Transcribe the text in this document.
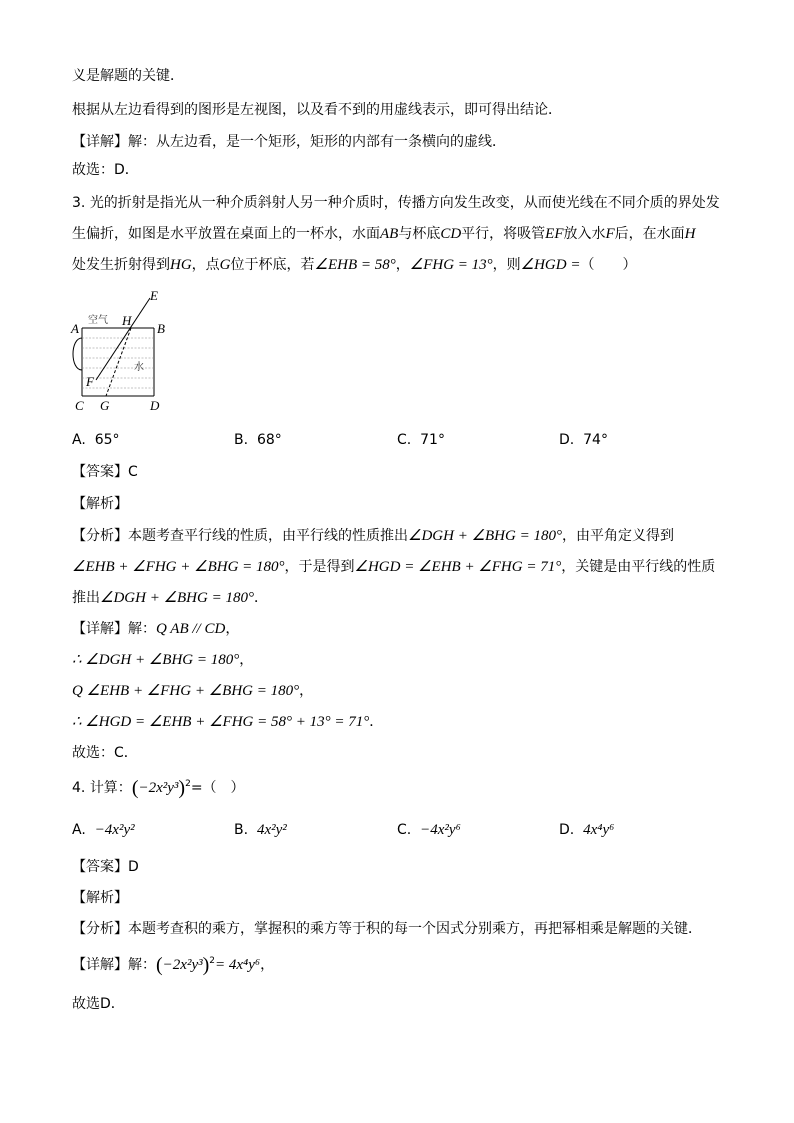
义是解题的关键．
根据从左边看得到的图形是左视图，以及看不到的用虚线表示，即可得出结论．
【详解】解：从左边看，是一个矩形，矩形的内部有一条横向的虚线．
故选：D．
3. 光的折射是指光从一种介质斜射人另一种介质时，传播方向发生改变，从而使光线在不同介质的界处发
生偏折，如图是水平放置在桌面上的一杯水，水面AB与杯底CD平行，将吸管EF放入水F后，在水面H
处发生折射得到HG，点G位于杯底，若∠EHB = 58°，∠FHG = 13°，则∠HGD =（　　）
E
A
H
B
F
C G	D
空气
水
A. 65°	B. 68°	C. 71°	D. 74°
【答案】C
【解析】
【分析】本题考查平行线的性质，由平行线的性质推出∠DGH + ∠BHG = 180°，由平角定义得到
∠EHB + ∠FHG + ∠BHG = 180°，于是得到∠HGD = ∠EHB + ∠FHG = 71°，关键是由平行线的性质
推出∠DGH + ∠BHG = 180°．
【详解】解：Q AB // CD，
∴ ∠DGH + ∠BHG = 180°，
Q ∠EHB + ∠FHG + ∠BHG = 180°，
∴ ∠HGD = ∠EHB + ∠FHG = 58° + 13° = 71°．
故选：C．
4. 计算：$(-2x^2y^3)^2=$（　）
A. −4x²y²	B. 4x²y²	C. −4x²y⁶	D. 4x⁴y⁶
【答案】D
【解析】
【分析】本题考查积的乘方，掌握积的乘方等于积的每一个因式分别乘方，再把幂相乘是解题的关键．
【详解】解：$(-2x^2y^3)^2= 4x^4y^6$，
故选D．
